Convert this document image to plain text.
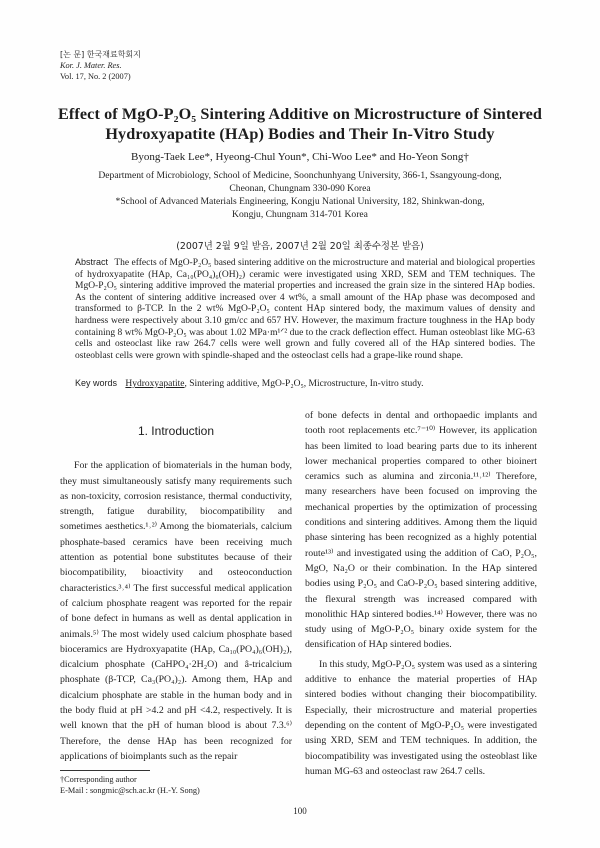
[논 문] 한국재료학회지
Kor. J. Mater. Res.
Vol. 17, No. 2 (2007)
Effect of MgO-P₂O₅ Sintering Additive on Microstructure of Sintered
Hydroxyapatite (HAp) Bodies and Their In-Vitro Study
Byong-Taek Lee*, Hyeong-Chul Youn*, Chi-Woo Lee* and Ho-Yeon Song†
Department of Microbiology, School of Medicine, Soonchunhyang University, 366-1, Ssangyoung-dong,
Cheonan, Chungnam 330-090 Korea
*School of Advanced Materials Engineering, Kongju National University, 182, Shinkwan-dong,
Kongju, Chungnam 314-701 Korea
(2007년 2월 9일 받음, 2007년 2월 20일 최종수정본 받음)
Abstract The effects of MgO-P₂O₅ based sintering additive on the microstructure and material and biological properties of hydroxyapatite (HAp, Ca₁₀(PO₄)₆(OH)₂) ceramic were investigated using XRD, SEM and TEM techniques. The MgO-P₂O₅ sintering additive improved the material properties and increased the grain size in the sintered HAp bodies. As the content of sintering additive increased over 4 wt%, a small amount of the HAp phase was decomposed and transformed to β-TCP. In the 2 wt% MgO-P₂O₅ content HAp sintered body, the maximum values of density and hardness were respectively about 3.10 gm/cc and 657 HV. However, the maximum fracture toughness in the HAp body containing 8 wt% MgO-P₂O₅ was about 1.02 MPa·m¹ᐟ² due to the crack deflection effect. Human osteoblast like MG-63 cells and osteoclast like raw 264.7 cells were well grown and fully covered all of the HAp sintered bodies. The osteoblast cells were grown with spindle-shaped and the osteoclast cells had a grape-like round shape.
Key words Hydroxyapatite, Sintering additive, MgO-P₂O₅, Microstructure, In-vitro study.
1. Introduction

For the application of biomaterials in the human body, they must simultaneously satisfy many requirements such as non-toxicity, corrosion resistance, thermal conductivity, strength, fatigue durability, biocompatibility and sometimes aesthetics.¹˒²⁾ Among the biomaterials, calcium phosphate-based ceramics have been receiving much attention as potential bone substitutes because of their biocompatibility, bioactivity and osteoconduction characteristics.³˒⁴⁾ The first successful medical application of calcium phosphate reagent was reported for the repair of bone defect in humans as well as dental application in animals.⁵⁾ The most widely used calcium phosphate based bioceramics are Hydroxyapatite (HAp, Ca₁₀(PO₄)₆(OH)₂), dicalcium phosphate (CaHPO₄·2H₂O) and â-tricalcium phosphate (β-TCP, Ca₃(PO₄)₂). Among them, HAp and dicalcium phosphate are stable in the human body and in the body fluid at pH >4.2 and pH <4.2, respectively. It is well known that the pH of human blood is about 7.3.⁶⁾ Therefore, the dense HAp has been recognized for applications of bioimplants such as the repair

of bone defects in dental and orthopaedic implants and tooth root replacements etc.⁷⁻¹⁰⁾ However, its application has been limited to load bearing parts due to its inherent lower mechanical properties compared to other bioinert ceramics such as alumina and zirconia.¹¹˒¹²⁾ Therefore, many researchers have been focused on improving the mechanical properties by the optimization of processing conditions and sintering additives. Among them the liquid phase sintering has been recognized as a highly potential route¹³⁾ and investigated using the addition of CaO, P₂O₅, MgO, Na₂O or their combination. In the HAp sintered bodies using P₂O₅ and CaO-P₂O₅ based sintering additive, the flexural strength was increased compared with monolithic HAp sintered bodies.¹⁴⁾ However, there was no study using of MgO-P₂O₅ binary oxide system for the densification of HAp sintered bodies.

In this study, MgO-P₂O₅ system was used as a sintering additive to enhance the material properties of HAp sintered bodies without changing their biocompatibility. Especially, their microstructure and material properties depending on the content of MgO-P₂O₅ were investigated using XRD, SEM and TEM techniques. In addition, the biocompatibility was investigated using the osteoblast like human MG-63 and osteoclast raw 264.7 cells.

†Corresponding author
E-Mail : songmic@sch.ac.kr (H.-Y. Song)
100
